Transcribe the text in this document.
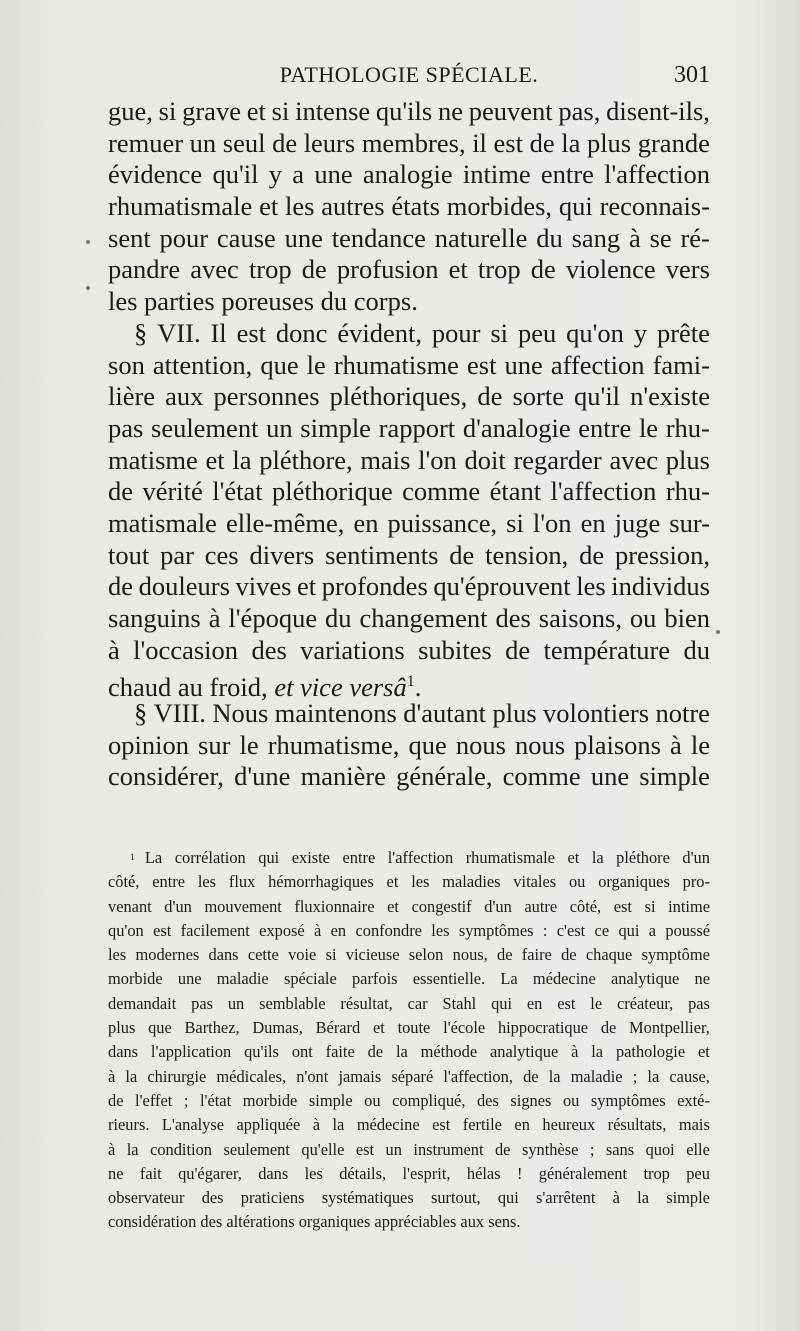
PATHOLOGIE SPÉCIALE.	301
gue, si grave et si intense qu'ils ne peuvent pas, disent-ils,
remuer un seul de leurs membres, il est de la plus grande
évidence qu'il y a une analogie intime entre l'affection
rhumatismale et les autres états morbides, qui reconnais-
sent pour cause une tendance naturelle du sang à se ré-
pandre avec trop de profusion et trop de violence vers
les parties poreuses du corps.
§ VII. Il est donc évident, pour si peu qu'on y prête
son attention, que le rhumatisme est une affection fami-
lière aux personnes pléthoriques, de sorte qu'il n'existe
pas seulement un simple rapport d'analogie entre le rhu-
matisme et la pléthore, mais l'on doit regarder avec plus
de vérité l'état pléthorique comme étant l'affection rhu-
matismale elle-même, en puissance, si l'on en juge sur-
tout par ces divers sentiments de tension, de pression,
de douleurs vives et profondes qu'éprouvent les individus
sanguins à l'époque du changement des saisons, ou bien
à l'occasion des variations subites de température du
chaud au froid, et vice versâ$^1$.
§ VIII. Nous maintenons d'autant plus volontiers notre
opinion sur le rhumatisme, que nous nous plaisons à le
considérer, d'une manière générale, comme une simple
1 La corrélation qui existe entre l'affection rhumatismale et la pléthore d'un
côté, entre les flux hémorrhagiques et les maladies vitales ou organiques pro-
venant d'un mouvement fluxionnaire et congestif d'un autre côté, est si intime
qu'on est facilement exposé à en confondre les symptômes : c'est ce qui a poussé
les modernes dans cette voie si vicieuse selon nous, de faire de chaque symptôme
morbide une maladie spéciale parfois essentielle. La médecine analytique ne
demandait pas un semblable résultat, car Stahl qui en est le créateur, pas
plus que Barthez, Dumas, Bérard et toute l'école hippocratique de Montpellier,
dans l'application qu'ils ont faite de la méthode analytique à la pathologie et
à la chirurgie médicales, n'ont jamais séparé l'affection, de la maladie ; la cause,
de l'effet ; l'état morbide simple ou compliqué, des signes ou symptômes exté-
rieurs. L'analyse appliquée à la médecine est fertile en heureux résultats, mais
à la condition seulement qu'elle est un instrument de synthèse ; sans quoi elle
ne fait qu'égarer, dans les détails, l'esprit, hélas ! généralement trop peu
observateur des praticiens systématiques surtout, qui s'arrêtent à la simple
considération des altérations organiques appréciables aux sens.
